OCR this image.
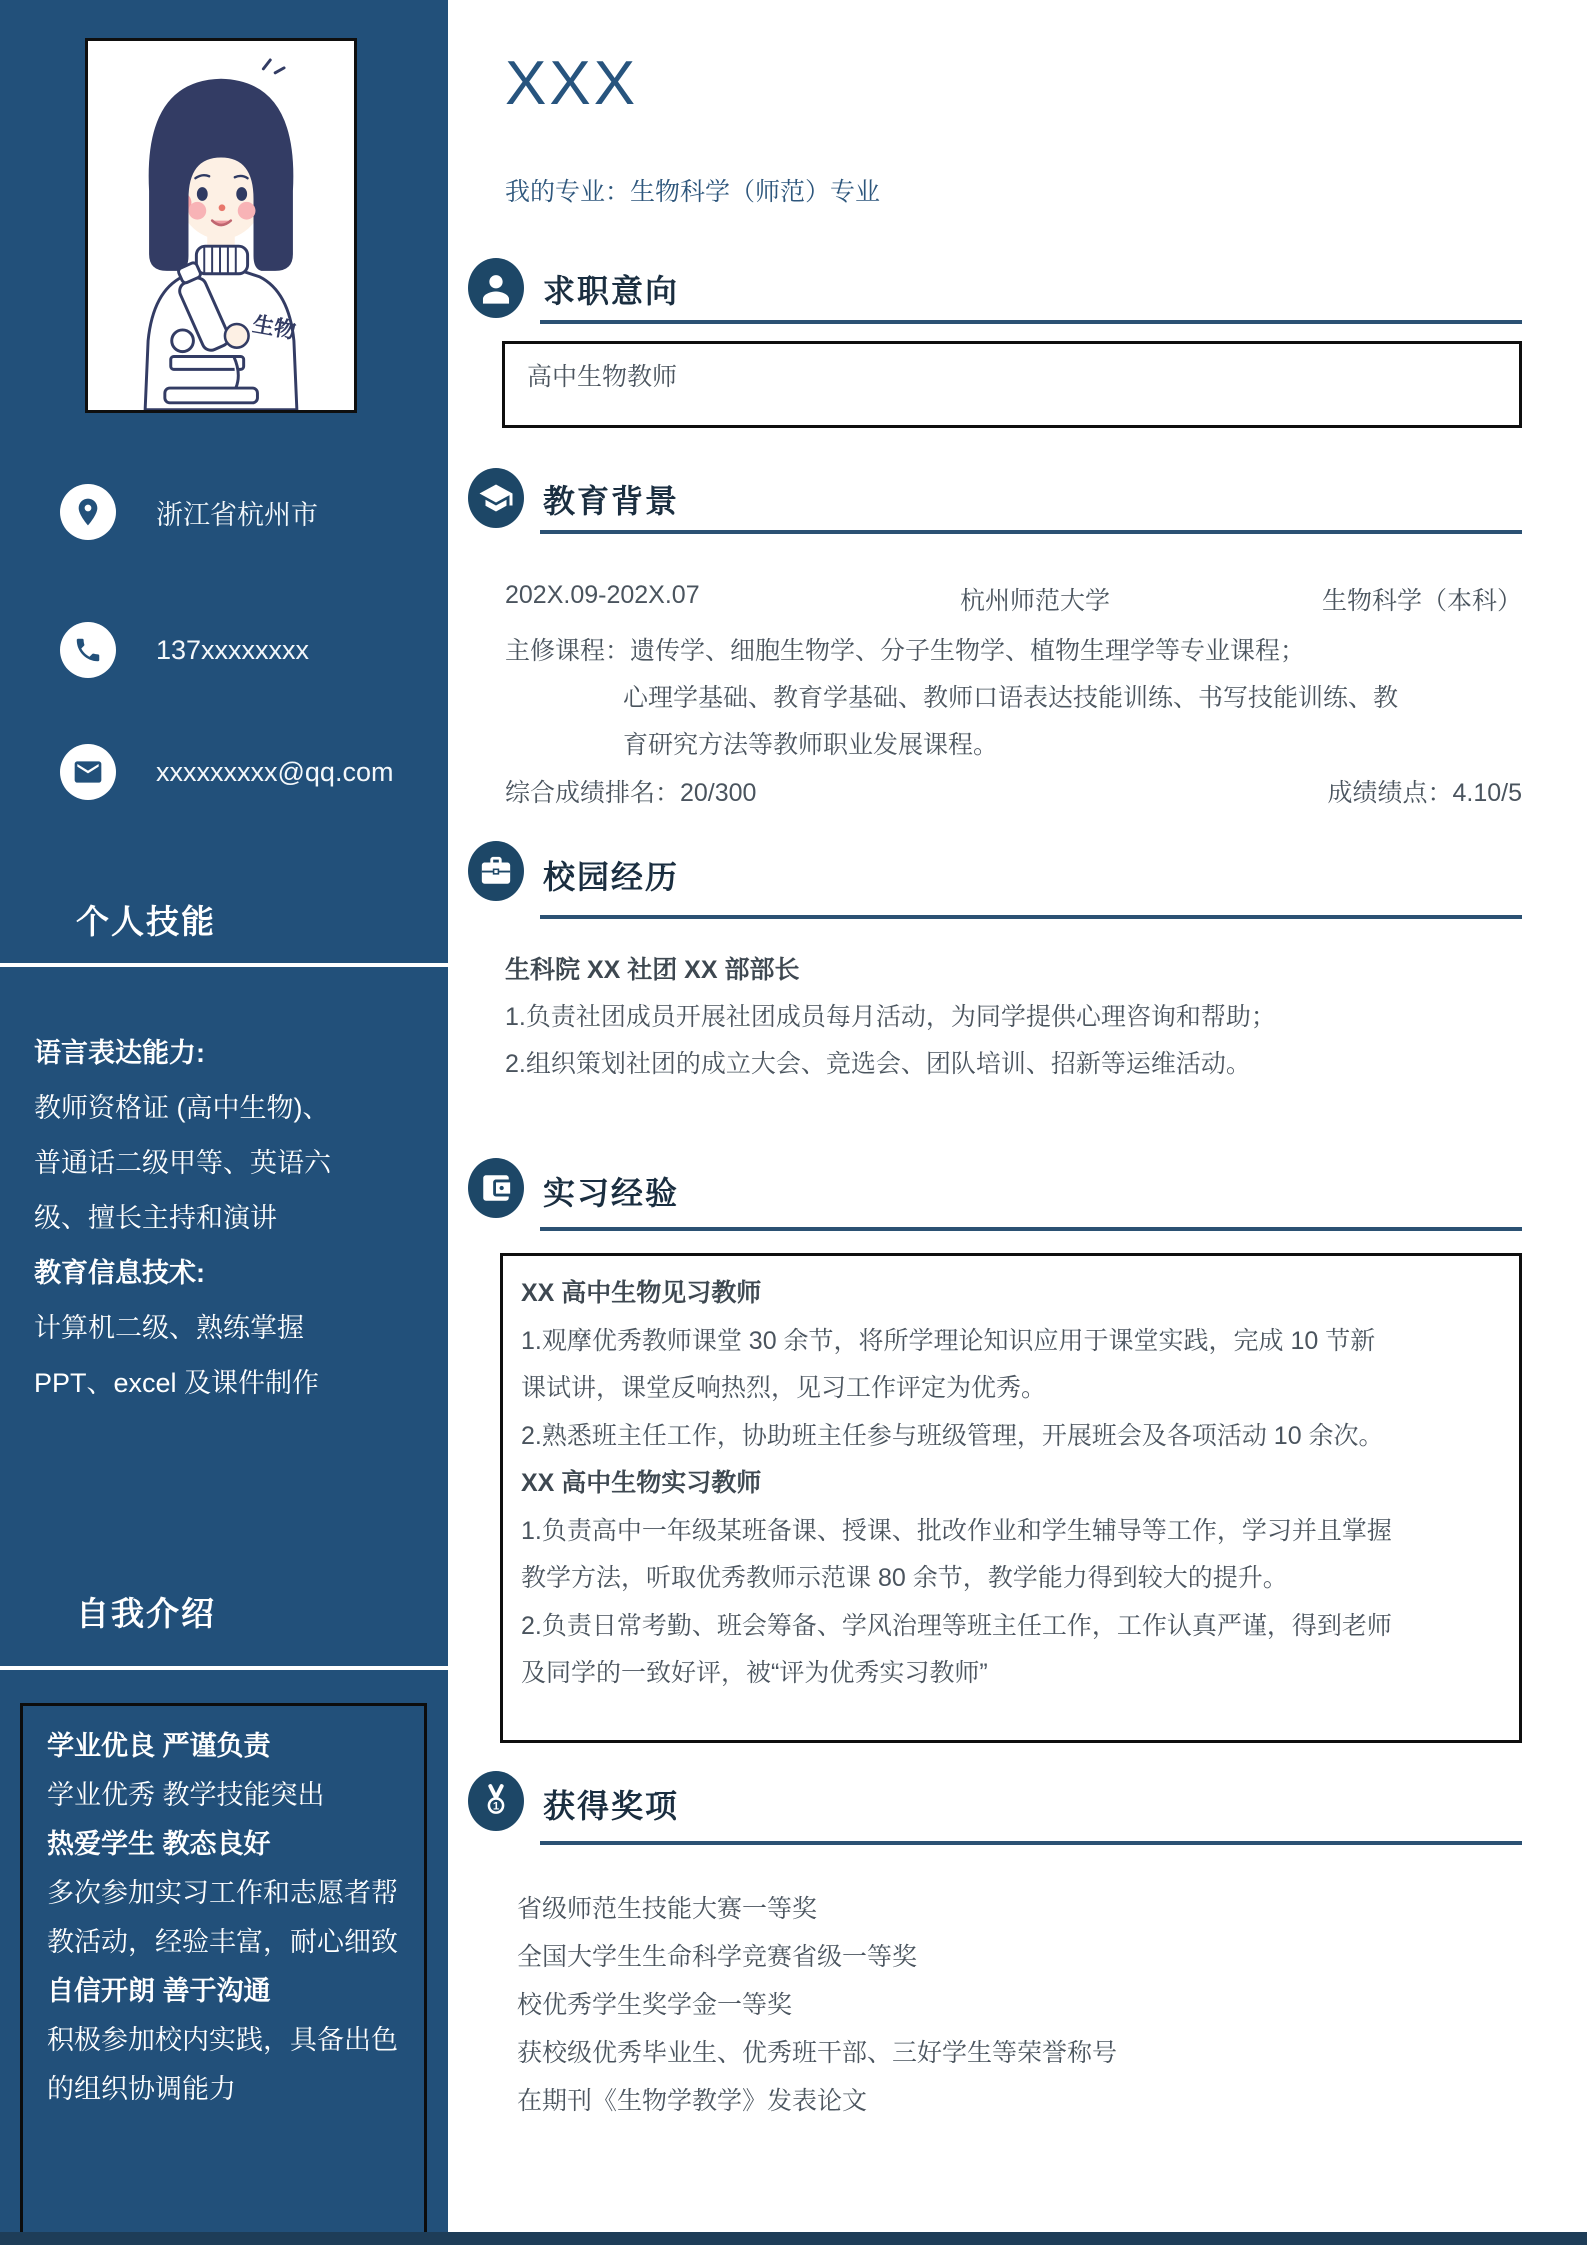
生物
浙江省杭州市
137xxxxxxxx
xxxxxxxxx@qq.com
个人技能
语言表达能力:
教师资格证 (高中生物)、
普通话二级甲等、英语六
级、擅长主持和演讲
教育信息技术:
计算机二级、熟练掌握
PPT、excel 及课件制作
自我介绍
学业优良 严谨负责
学业优秀 教学技能突出
热爱学生 教态良好
多次参加实习工作和志愿者帮
教活动，经验丰富，耐心细致
自信开朗 善于沟通
积极参加校内实践，具备出色
的组织协调能力
XXX
我的专业：生物科学（师范）专业
求职意向
高中生物教师
教育背景
202X.09-202X.07	杭州师范大学	生物科学（本科）
主修课程：遗传学、细胞生物学、分子生物学、植物生理学等专业课程；
心理学基础、教育学基础、教师口语表达技能训练、书写技能训练、教
育研究方法等教师职业发展课程。
综合成绩排名：20/300	成绩绩点：4.10/5
校园经历
生科院 XX 社团 XX 部部长
1.负责社团成员开展社团成员每月活动，为同学提供心理咨询和帮助；
2.组织策划社团的成立大会、竞选会、团队培训、招新等运维活动。
实习经验
XX 高中生物见习教师
1.观摩优秀教师课堂 30 余节，将所学理论知识应用于课堂实践，完成 10 节新
课试讲，课堂反响热烈，见习工作评定为优秀。
2.熟悉班主任工作，协助班主任参与班级管理，开展班会及各项活动 10 余次。
XX 高中生物实习教师
1.负责高中一年级某班备课、授课、批改作业和学生辅导等工作，学习并且掌握
教学方法，听取优秀教师示范课 80 余节，教学能力得到较大的提升。
2.负责日常考勤、班会筹备、学风治理等班主任工作，工作认真严谨，得到老师
及同学的一致好评，被“评为优秀实习教师”
1 获得奖项
省级师范生技能大赛一等奖
全国大学生生命科学竞赛省级一等奖
校优秀学生奖学金一等奖
获校级优秀毕业生、优秀班干部、三好学生等荣誉称号
在期刊《生物学教学》发表论文
